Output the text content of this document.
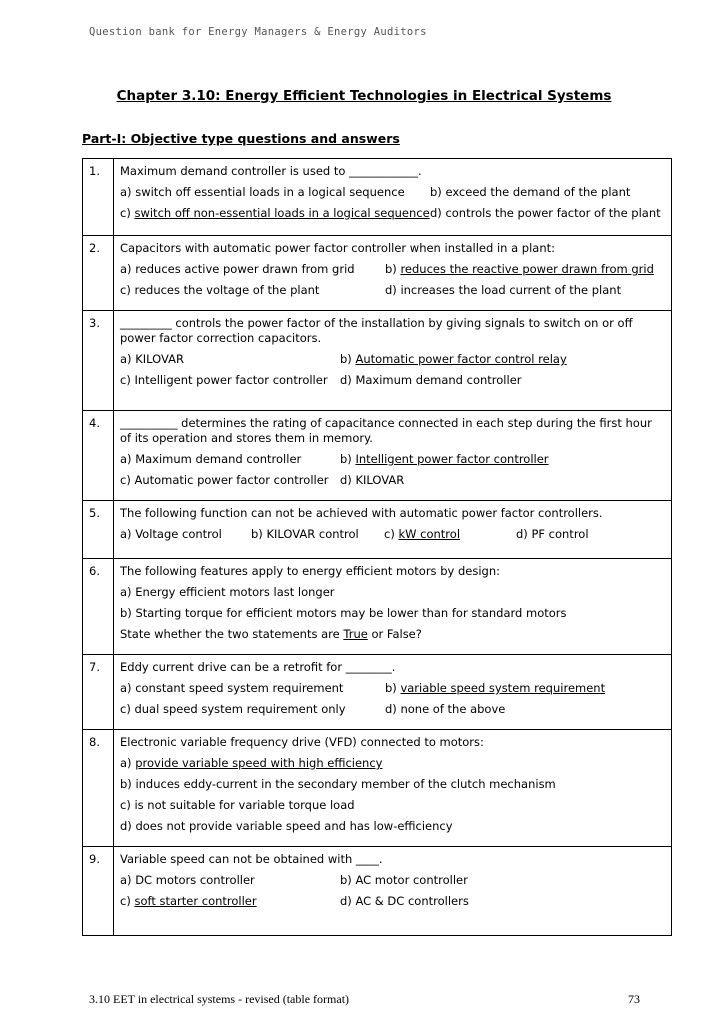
Question bank for Energy Managers & Energy Auditors
Chapter 3.10: Energy Efficient Technologies in Electrical Systems
Part-I: Objective type questions and answers
1.	Maximum demand controller is used to ____________.
a) switch off essential loads in a logical sequence b) exceed the demand of the plant
c) switch off non-essential loads in a logical sequence d) controls the power factor of the plant

2.	Capacitors with automatic power factor controller when installed in a plant:
a) reduces active power drawn from grid b) reduces the reactive power drawn from grid
c) reduces the voltage of the plant d) increases the load current of the plant

3.	_________ controls the power factor of the installation by giving signals to switch on or off power factor correction capacitors.
a) KILOVAR b) Automatic power factor control relay
c) Intelligent power factor controller d) Maximum demand controller

4.	__________ determines the rating of capacitance connected in each step during the first hour of its operation and stores them in memory.
a) Maximum demand controller b) Intelligent power factor controller
c) Automatic power factor controller d) KILOVAR

5.	The following function can not be achieved with automatic power factor controllers.
a) Voltage control b) KILOVAR control c) kW control d) PF control

6.	The following features apply to energy efficient motors by design:
a) Energy efficient motors last longer
b) Starting torque for efficient motors may be lower than for standard motors
State whether the two statements are True or False?

7.	Eddy current drive can be a retrofit for ________.
a) constant speed system requirement b) variable speed system requirement
c) dual speed system requirement only d) none of the above

8.	Electronic variable frequency drive (VFD) connected to motors:
a) provide variable speed with high efficiency
b) induces eddy-current in the secondary member of the clutch mechanism
c) is not suitable for variable torque load
d) does not provide variable speed and has low-efficiency

9.	Variable speed can not be obtained with ____.
a) DC motors controller b) AC motor controller
c) soft starter controller d) AC & DC controllers
3.10 EET in electrical systems - revised (table format)	73
